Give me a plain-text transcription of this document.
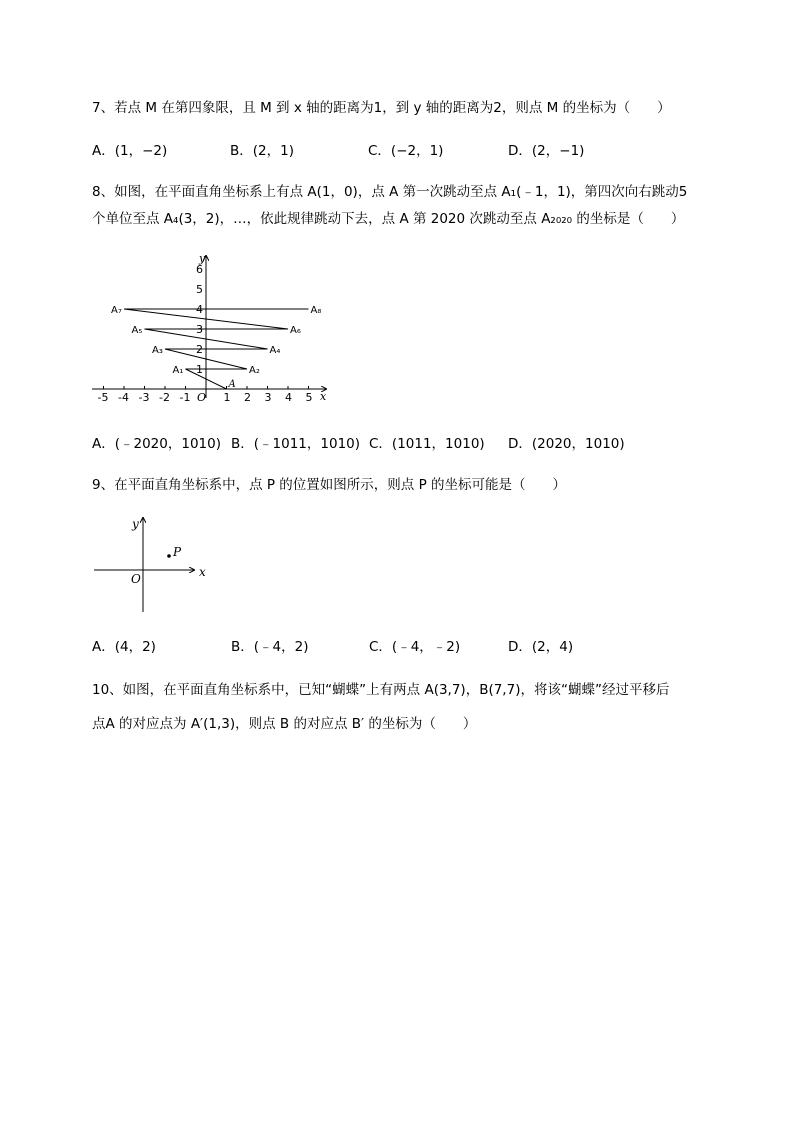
7、若点 M 在第四象限，且 M 到 x 轴的距离为1，到 y 轴的距离为2，则点 M 的坐标为（　　）
A．(1，−2)	B．(2，1)	C．(−2，1)	D．(2，−1)
8、如图，在平面直角坐标系上有点 A(1，0)，点 A 第一次跳动至点 A₁(﹣1，1)，第四次向右跳动5
个单位至点 A₄(3，2)，…，依此规律跳动下去，点 A 第 2020 次跳动至点 A₂₀₂₀ 的坐标是（　　）
-5 -4 -3 -2 -1	1 2 3 4 5
1
2
3
4
5
6
A
A₁	A₂
A₃	A₄
A₅	A₆
A₇	A₈
x
y
O
A．(﹣2020，1010) B．(﹣1011，1010) C．(1011，1010) D．(2020，1010)
9、在平面直角坐标系中，点 P 的位置如图所示，则点 P 的坐标可能是（　　）
P
x
y
O
A．(4，2)	B．(﹣4，2)	C．(﹣4，﹣2)	D．(2，4)
10、如图，在平面直角坐标系中，已知“蝴蝶”上有两点 A(3,7)，B(7,7)，将该“蝴蝶”经过平移后
点A 的对应点为 A′(1,3)，则点 B 的对应点 B′ 的坐标为（　　）
